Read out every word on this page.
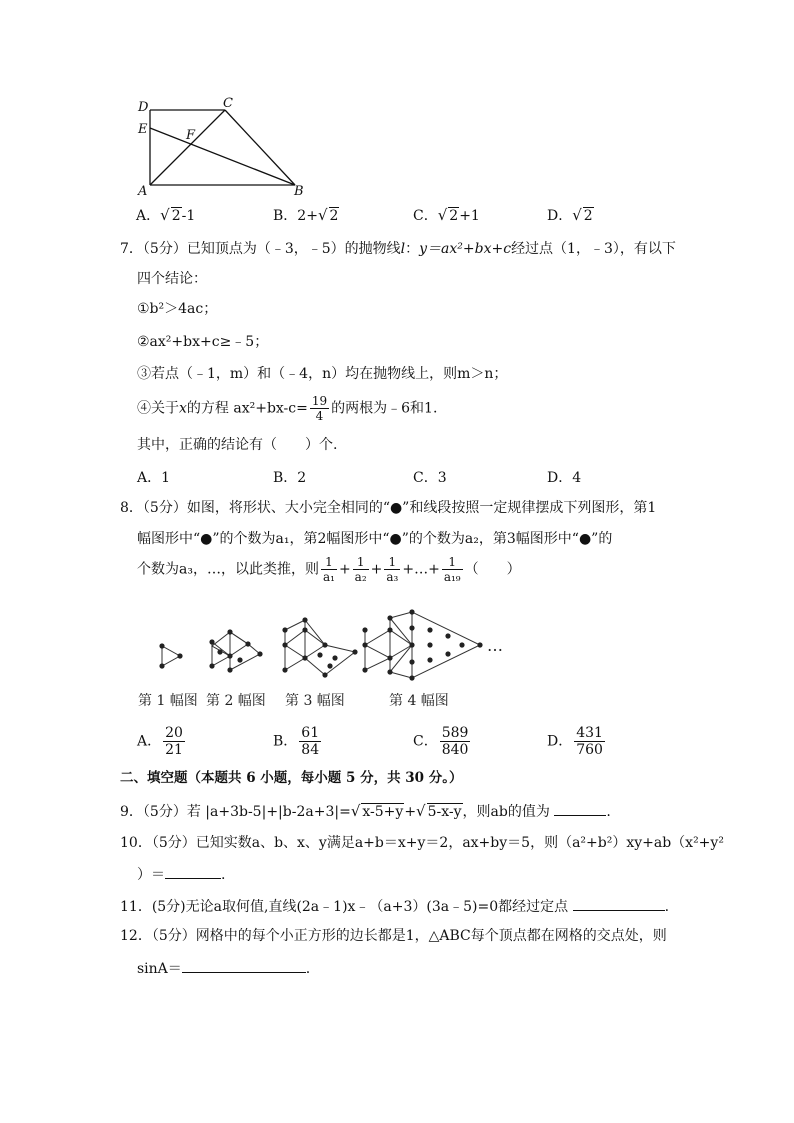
D	C
E	F
A	B
A．√ 2-1	B．2+√ 2	C．√ 2+1	D．√ 2
7．（5分）已知顶点为（﹣3，﹣5）的抛物线l：y＝ax²+bx+c经过点（1，﹣3），有以下
四个结论：
①b²＞4ac；
②ax²+bx+c≥﹣5；
③若点（﹣1，m）和（﹣4，n）均在抛物线上，则m＞n；
④关于x的方程 $ax^2+bx-c= \frac{19}{4}$ 的两根为﹣6和1.
其中，正确的结论有（　　）个.
A．1	B．2	C．3	D．4
8．（5分）如图，将形状、大小完全相同的“●”和线段按照一定规律摆成下列图形，第1
幅图形中“●”的个数为a₁，第2幅图形中“●”的个数为a₂，第3幅图形中“●”的
个数为a₃，…，以此类推，则 $\frac{1}{\text{a₁}} + \frac{1}{\text{a₂}} + \frac{1}{\text{a₃}}$ +…+ $\frac{1}{\text{a₁₉}}$ （　　）
…
第 1 幅图 第 2 幅图 第 3 幅图	第 4 幅图
A． $\frac{20}{21}$	B． $\frac{61}{84}$	C． $\frac{589}{840}$	D． $\frac{431}{760}$
二、填空题（本题共 6 小题，每小题 5 分，共 30 分。）
9．（5分）若 |a+3b-5|+|b-2a+3|=√ x-5+y+√ 5-x-y，则ab的值为	.
10．（5分）已知实数a、b、x、y满足a+b＝x+y＝2，ax+by＝5，则（a²+b²）xy+ab（x²+y²
）＝	.
11．(5分)无论a取何值,直线(2a﹣1)x﹣（a+3）(3a﹣5)=0都经过定点	.
12．（5分）网格中的每个小正方形的边长都是1，△ABC每个顶点都在网格的交点处，则
sinA＝	.
